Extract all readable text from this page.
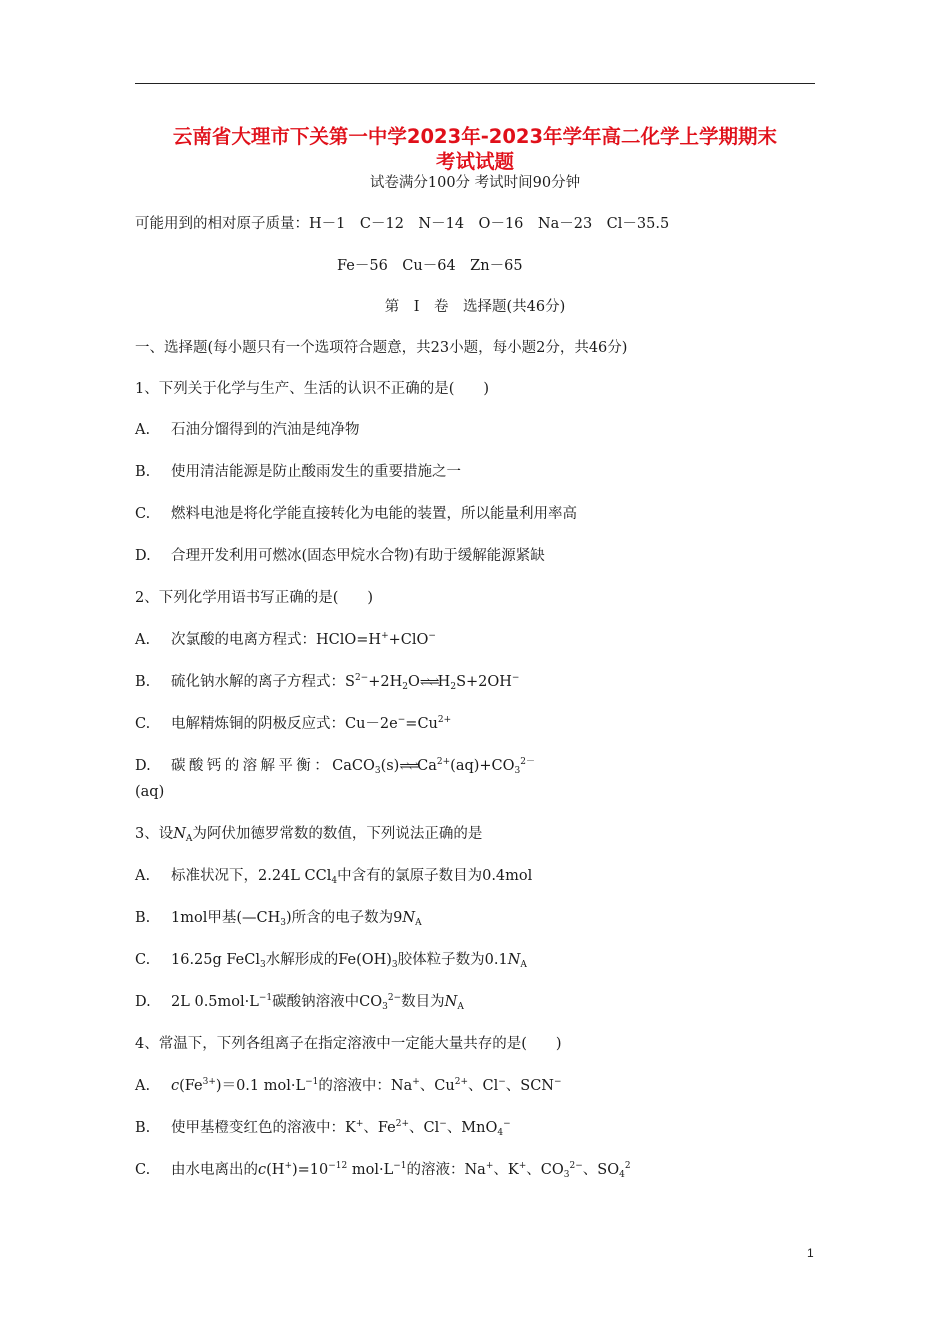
云南省大理市下关第一中学2023年-2023年学年高二化学上学期期末
考试试题
试卷满分100分 考试时间90分钟
可能用到的相对原子质量：H－1　C－12　N－14　O－16　Na－23　Cl－35.5
Fe－56　Cu－64　Zn－65
第　Ⅰ　卷　选择题(共46分)
一、选择题(每小题只有一个选项符合题意，共23小题，每小题2分，共46分)
1、下列关于化学与生产、生活的认识不正确的是(　　)
A. 石油分馏得到的汽油是纯净物
B. 使用清洁能源是防止酸雨发生的重要措施之一
C. 燃料电池是将化学能直接转化为电能的装置，所以能量利用率高
D. 合理开发利用可燃冰(固态甲烷水合物)有助于缓解能源紧缺
2、下列化学用语书写正确的是(　　)
A. 次氯酸的电离方程式：HClO=H++ClO−
B. 硫化钠水解的离子方程式：$S^{2-}+2H_2O\rightleftharpoons\rightleftharpoons H_2S+2OH^-$
C. 电解精炼铜的阴极反应式：$Cu-2e^-=Cu^{2+}$
D. 碳酸钙的溶解平衡：$CaCO_3(s)\rightleftharpoons\rightleftharpoons Ca^{2+}(aq)+CO_3^{2-}$
(aq)
3、设$N_A$为阿伏加德罗常数的数值，下列说法正确的是
A. 标准状况下，2.24L CCl$_4$中含有的氯原子数目为0.4mol
B. 1mol甲基$(—CH_3)$所含的电子数为$9N_A$
C. 16.25g FeCl$_3$水解形成的$Fe(OH)_3$胶体粒子数为$0.1N_A$
D. 2L $0.5mol\cdot L^{-1}$碳酸钠溶液中$CO_3^{2-}$数目为$N_A$
4、常温下，下列各组离子在指定溶液中一定能大量共存的是(　　)
A. $c(Fe^{3+})=0.1$ $mol\cdot L^{-1}$的溶液中：Na+、$Cu^{2+}$、Cl−、SCN−
B. 使甲基橙变红色的溶液中：K+、$Fe^{2+}$、Cl−、MnO$_4$−
C. 由水电离出的$c(H^+)=10^{-12}$ $mol\cdot L^{-1}$的溶液：Na+、K+、$CO_3^{2-}$、$SO_4^2$
1
